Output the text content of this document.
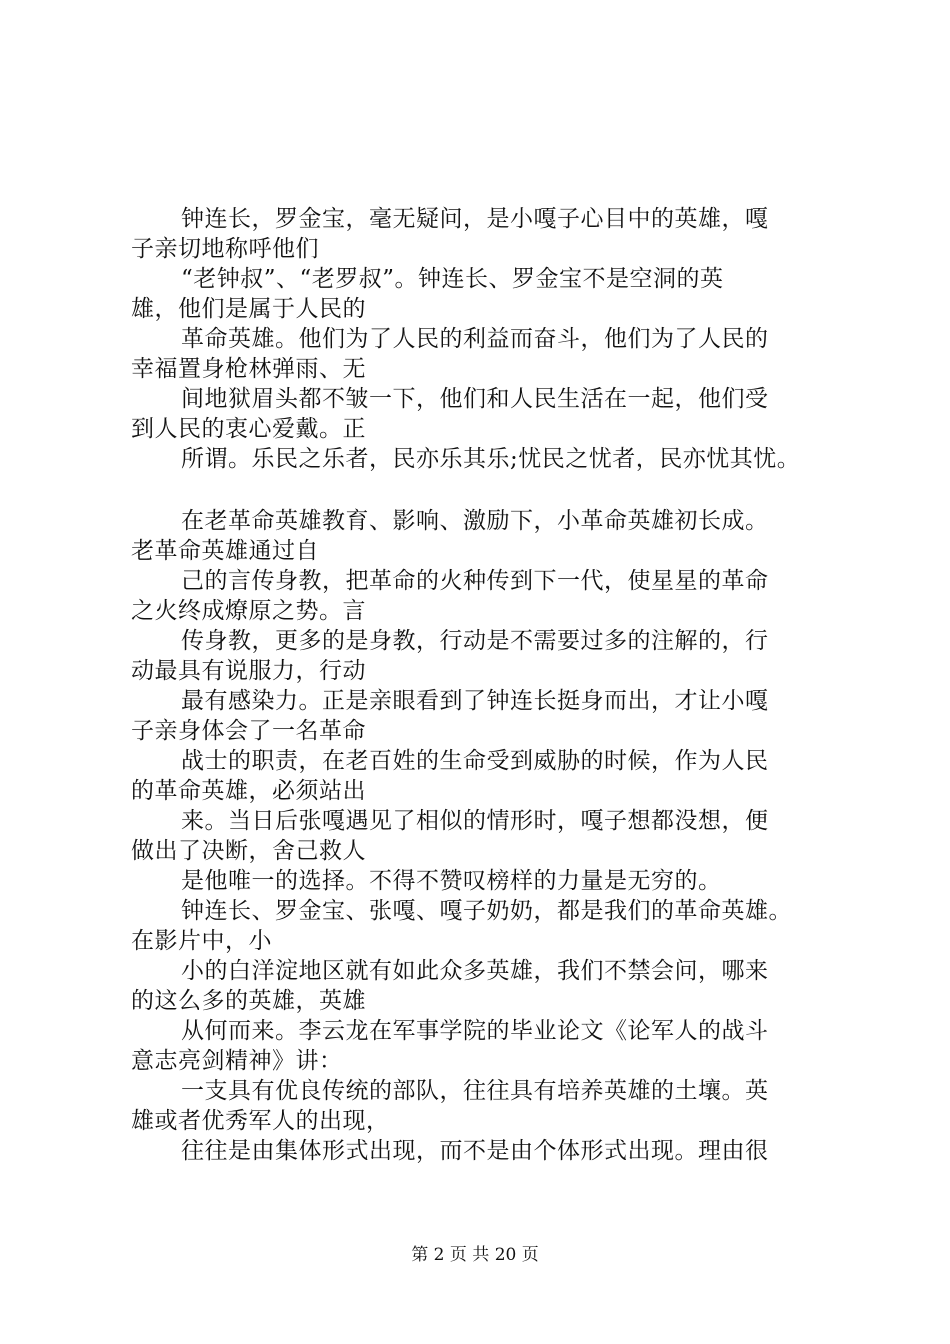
钟连长，罗金宝，毫无疑问，是小嘎子心目中的英雄，嘎
子亲切地称呼他们
“老钟叔”、“老罗叔”。钟连长、罗金宝不是空洞的英
雄，他们是属于人民的
革命英雄。他们为了人民的利益而奋斗，他们为了人民的
幸福置身枪林弹雨、无
间地狱眉头都不皱一下，他们和人民生活在一起，他们受
到人民的衷心爱戴。正
所谓。乐民之乐者，民亦乐其乐;忧民之忧者，民亦忧其忧。
在老革命英雄教育、影响、激励下，小革命英雄初长成。
老革命英雄通过自
己的言传身教，把革命的火种传到下一代，使星星的革命
之火终成燎原之势。言
传身教，更多的是身教，行动是不需要过多的注解的，行
动最具有说服力，行动
最有感染力。正是亲眼看到了钟连长挺身而出，才让小嘎
子亲身体会了一名革命
战士的职责，在老百姓的生命受到威胁的时候，作为人民
的革命英雄，必须站出
来。当日后张嘎遇见了相似的情形时，嘎子想都没想，便
做出了决断，舍己救人
是他唯一的选择。不得不赞叹榜样的力量是无穷的。
钟连长、罗金宝、张嘎、嘎子奶奶，都是我们的革命英雄。
在影片中，小
小的白洋淀地区就有如此众多英雄，我们不禁会问，哪来
的这么多的英雄，英雄
从何而来。李云龙在军事学院的毕业论文《论军人的战斗
意志亮剑精神》讲：
一支具有优良传统的部队，往往具有培养英雄的土壤。英
雄或者优秀军人的出现，
往往是由集体形式出现，而不是由个体形式出现。理由很
第 2 页 共 20 页
